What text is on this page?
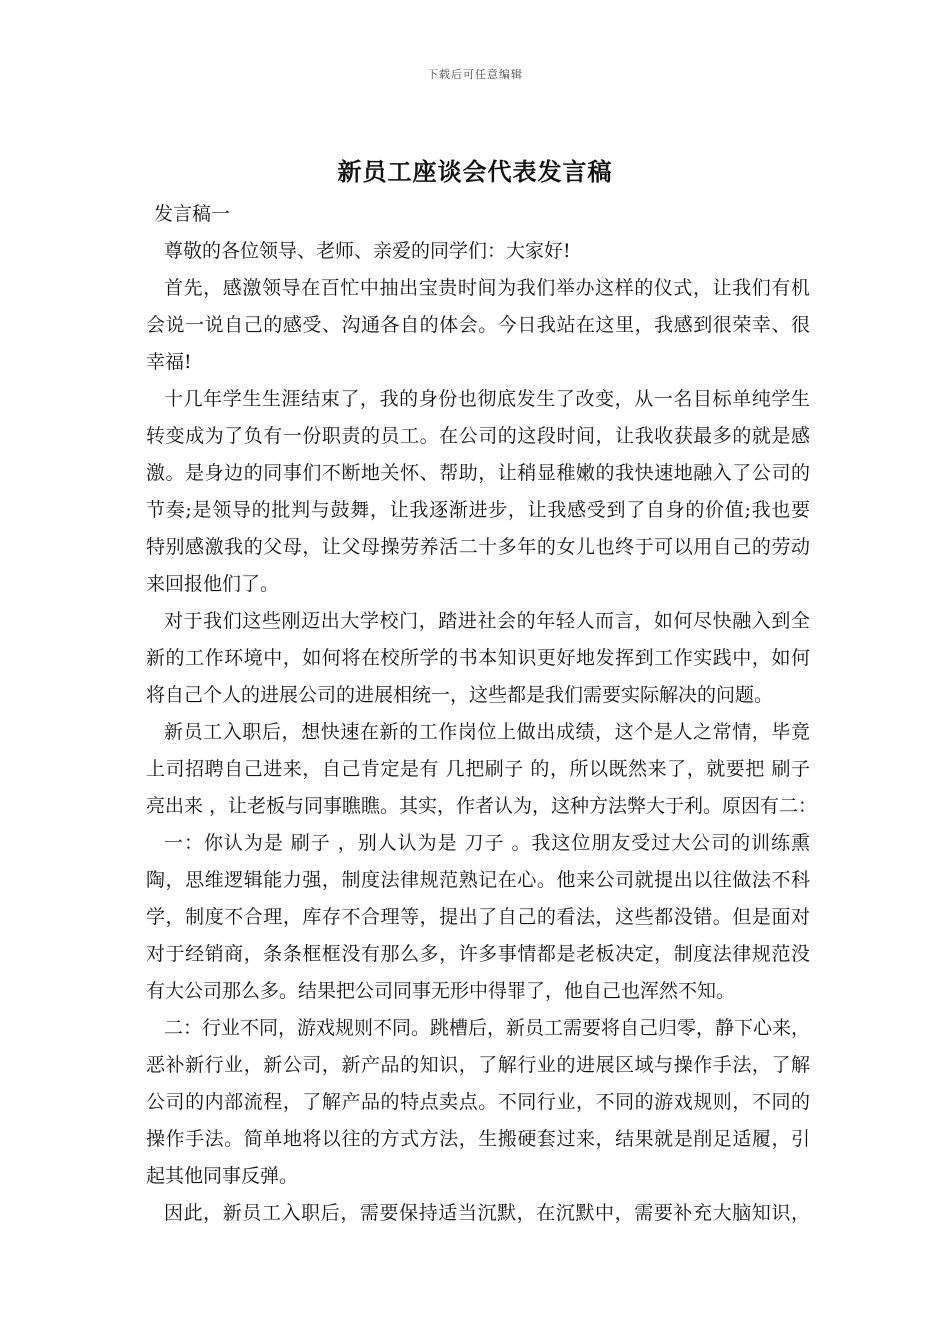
下载后可任意编辑
新员工座谈会代表发言稿
发言稿一
尊敬的各位领导、老师、亲爱的同学们：大家好!
首先，感激领导在百忙中抽出宝贵时间为我们举办这样的仪式，让我们有机
会说一说自己的感受、沟通各自的体会。今日我站在这里，我感到很荣幸、很
幸福!
十几年学生生涯结束了，我的身份也彻底发生了改变，从一名目标单纯学生
转变成为了负有一份职责的员工。在公司的这段时间，让我收获最多的就是感
激。是身边的同事们不断地关怀、帮助，让稍显稚嫩的我快速地融入了公司的
节奏;是领导的批判与鼓舞，让我逐渐进步，让我感受到了自身的价值;我也要
特别感激我的父母，让父母操劳养活二十多年的女儿也终于可以用自己的劳动
来回报他们了。
对于我们这些刚迈出大学校门，踏进社会的年轻人而言，如何尽快融入到全
新的工作环境中，如何将在校所学的书本知识更好地发挥到工作实践中，如何
将自己个人的进展公司的进展相统一，这些都是我们需要实际解决的问题。
新员工入职后，想快速在新的工作岗位上做出成绩，这个是人之常情，毕竟
上司招聘自己进来，自己肯定是有 几把刷子 的，所以既然来了，就要把 刷子
亮出来 ，让老板与同事瞧瞧。其实，作者认为，这种方法弊大于利。原因有二：
一：你认为是 刷子 ，别人认为是 刀子 。我这位朋友受过大公司的训练熏
陶，思维逻辑能力强，制度法律规范熟记在心。他来公司就提出以往做法不科
学，制度不合理，库存不合理等，提出了自己的看法，这些都没错。但是面对
对于经销商，条条框框没有那么多，许多事情都是老板决定，制度法律规范没
有大公司那么多。结果把公司同事无形中得罪了，他自己也浑然不知。
二：行业不同，游戏规则不同。跳槽后，新员工需要将自己归零，静下心来，
恶补新行业，新公司，新产品的知识，了解行业的进展区域与操作手法，了解
公司的内部流程，了解产品的特点卖点。不同行业，不同的游戏规则，不同的
操作手法。简单地将以往的方式方法，生搬硬套过来，结果就是削足适履，引
起其他同事反弹。
因此，新员工入职后，需要保持适当沉默，在沉默中，需要补充大脑知识，
